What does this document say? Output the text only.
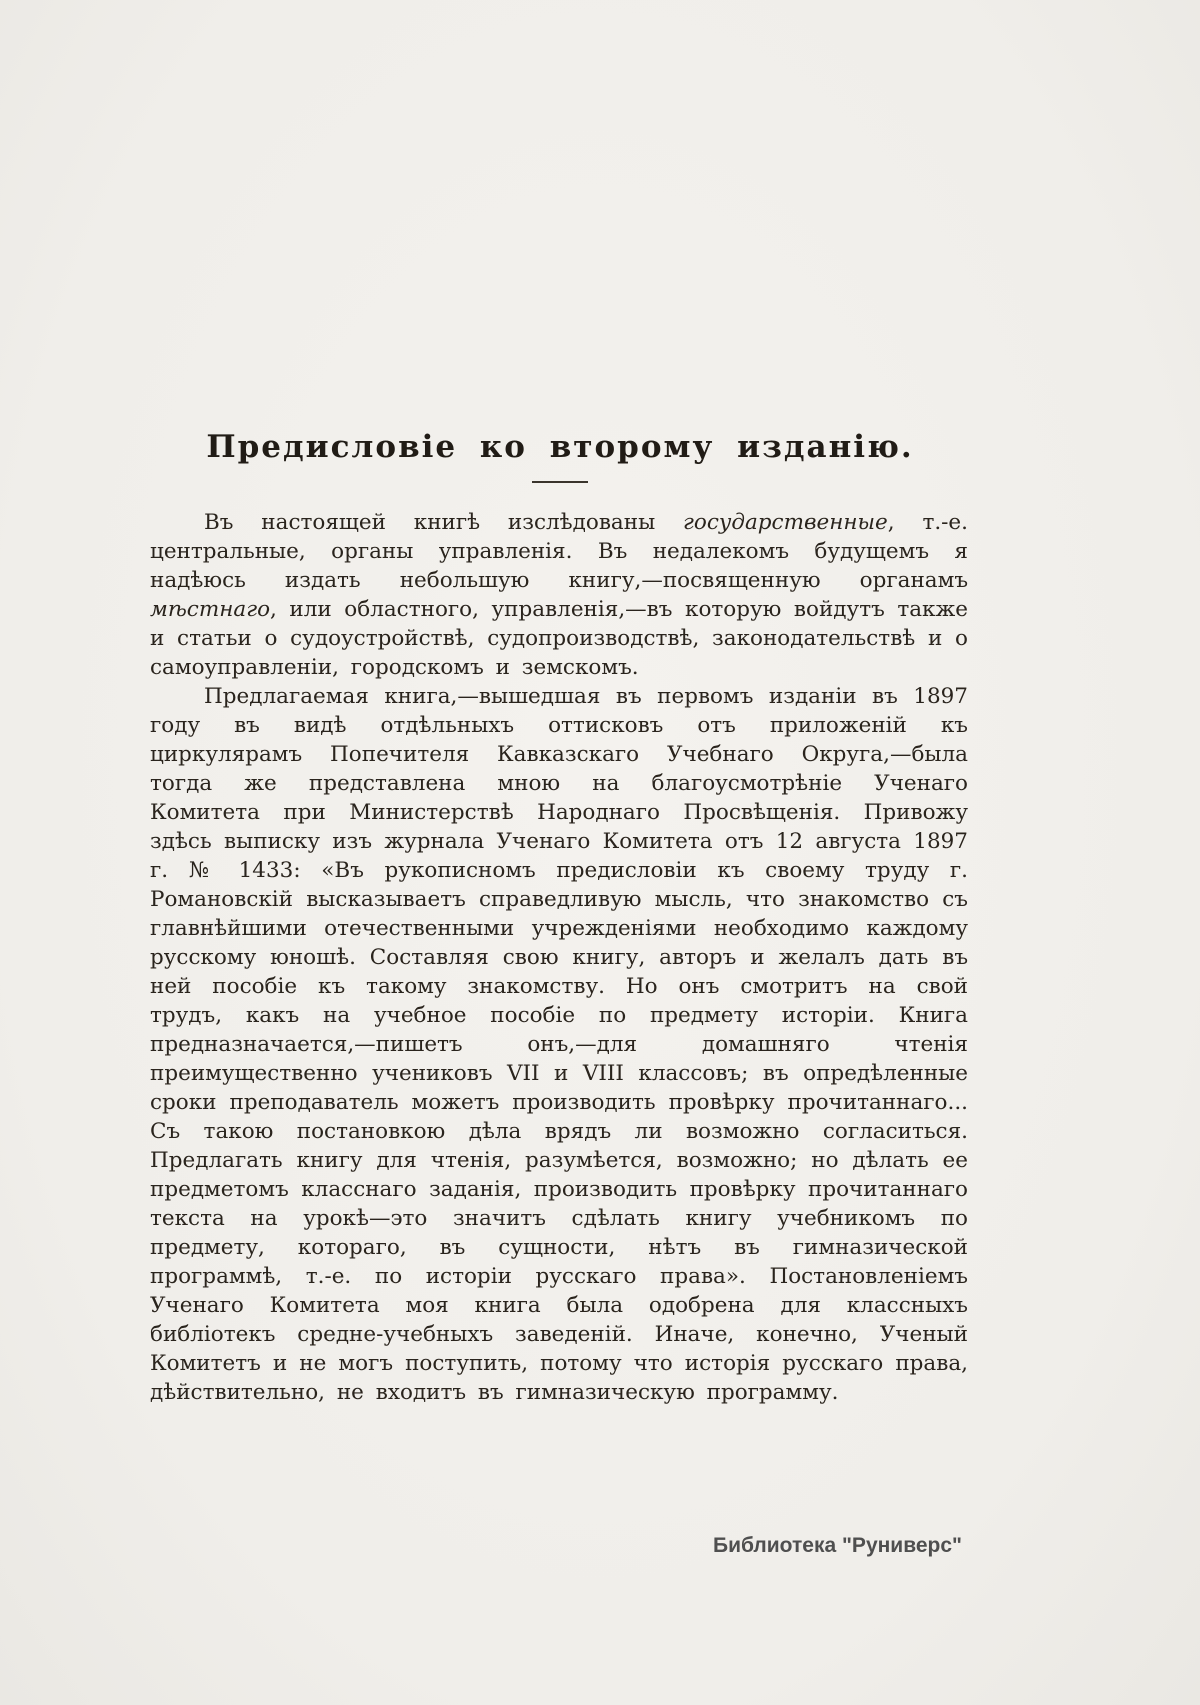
Предисловіе ко второму изданію.

Въ настоящей книгѣ изслѣдованы государственные, т.-е. центральные, органы управленія. Въ недалекомъ будущемъ я надѣюсь издать небольшую книгу,—посвященную органамъ мѣстнаго, или областного, управленія,—въ которую войдутъ также и статьи о судоустройствѣ, судопроизводствѣ, законодательствѣ и о самоуправленіи, городскомъ и земскомъ.

Предлагаемая книга,—вышедшая въ первомъ изданіи въ 1897 году въ видѣ отдѣльныхъ оттисковъ отъ приложеній къ циркулярамъ Попечителя Кавказскаго Учебнаго Округа,—была тогда же представлена мною на благоусмотрѣніе Ученаго Комитета при Министерствѣ Народнаго Просвѣщенія. Привожу здѣсь выписку изъ журнала Ученаго Комитета отъ 12 августа 1897 г. № 1433: «Въ рукописномъ предисловіи къ своему труду г. Романовскій высказываетъ справедливую мысль, что знакомство съ главнѣйшими отечественными учрежденіями необходимо каждому русскому юношѣ. Составляя свою книгу, авторъ и желалъ дать въ ней пособіе къ такому знакомству. Но онъ смотритъ на свой трудъ, какъ на учебное пособіе по предмету исторіи. Книга предназначается,—пишетъ онъ,—для домашняго чтенія преимущественно учениковъ VII и VIII классовъ; въ опредѣленные сроки преподаватель можетъ производить провѣрку прочитаннаго... Съ такою постановкою дѣла врядъ ли возможно согласиться. Предлагать книгу для чтенія, разумѣется, возможно; но дѣлать ее предметомъ класснаго заданія, производить провѣрку прочитаннаго текста на урокѣ—это значитъ сдѣлать книгу учебникомъ по предмету, котораго, въ сущности, нѣтъ въ гимназической программѣ, т.-е. по исторіи русскаго права». Постановленіемъ Ученаго Комитета моя книга была одобрена для классныхъ библіотекъ средне-учебныхъ заведеній. Иначе, конечно, Ученый Комитетъ и не могъ поступить, потому что исторія русскаго права, дѣйствительно, не входитъ въ гимназическую программу.

Библиотека "Руниверс"
